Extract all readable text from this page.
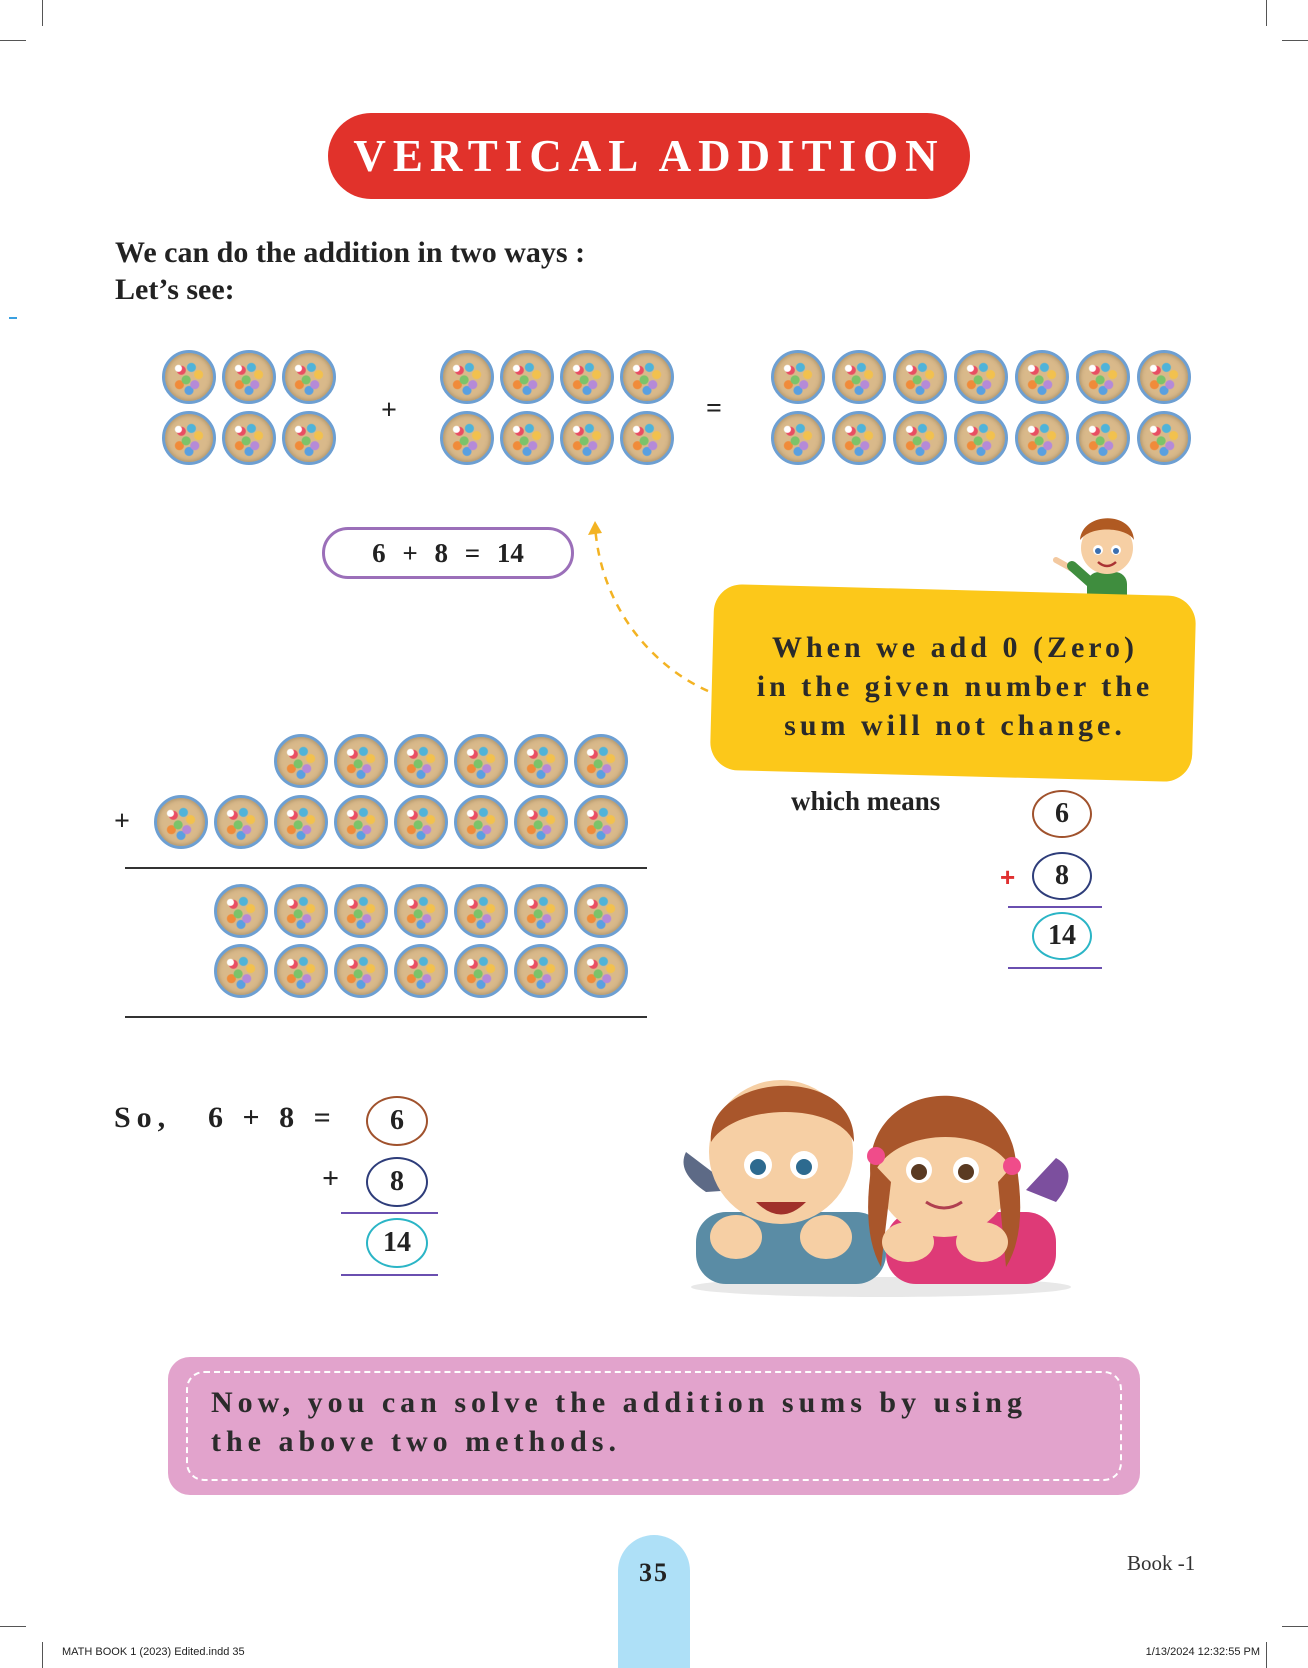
VERTICAL ADDITION
We can do the addition in two ways :
Let’s see:
+	=
6 + 8 = 14
When we add 0 (Zero)
in the given number the
sum will not change.
+
which means	6
+	8
14
So, 6 + 8 =	6
+	8
14
Now, you can solve the addition sums by using
the above two methods.
35	Book -1
MATH BOOK 1 (2023) Edited.indd 35	1/13/2024 12:32:55 PM
